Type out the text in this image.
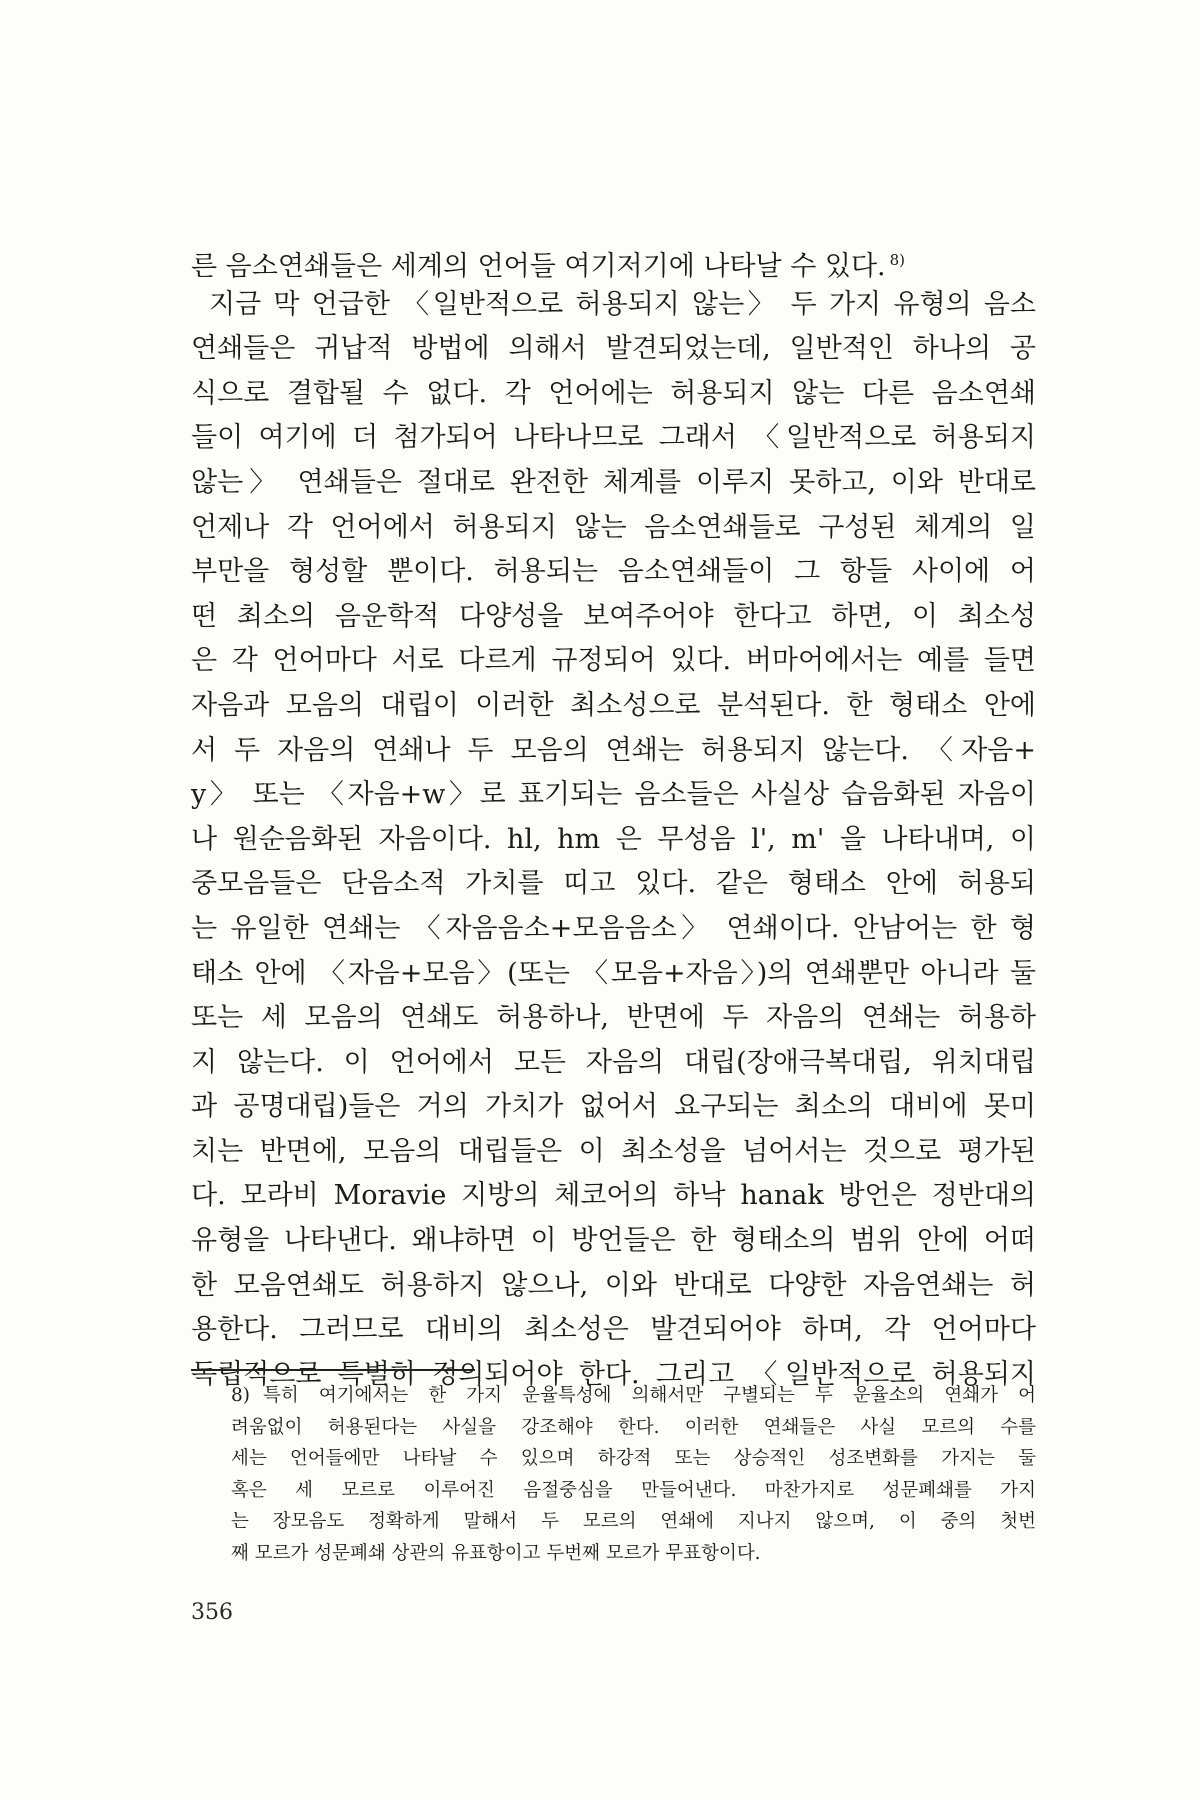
른 음소연쇄들은 세계의 언어들 여기저기에 나타날 수 있다. $^{8)}$
지금 막 언급한 〈일반적으로 허용되지 않는〉 두 가지 유형의 음소
연쇄들은 귀납적 방법에 의해서 발견되었는데, 일반적인 하나의 공
식으로 결합될 수 없다. 각 언어에는 허용되지 않는 다른 음소연쇄
들이 여기에 더 첨가되어 나타나므로 그래서 〈일반적으로 허용되지
않는〉 연쇄들은 절대로 완전한 체계를 이루지 못하고, 이와 반대로
언제나 각 언어에서 허용되지 않는 음소연쇄들로 구성된 체계의 일
부만을 형성할 뿐이다. 허용되는 음소연쇄들이 그 항들 사이에 어
떤 최소의 음운학적 다양성을 보여주어야 한다고 하면, 이 최소성
은 각 언어마다 서로 다르게 규정되어 있다. 버마어에서는 예를 들면
자음과 모음의 대립이 이러한 최소성으로 분석된다. 한 형태소 안에
서 두 자음의 연쇄나 두 모음의 연쇄는 허용되지 않는다. 〈자음+
y〉 또는 〈자음+w〉로 표기되는 음소들은 사실상 습음화된 자음이
나 원순음화된 자음이다. hl, hm 은 무성음 l', m' 을 나타내며, 이
중모음들은 단음소적 가치를 띠고 있다. 같은 형태소 안에 허용되
는 유일한 연쇄는 〈자음음소+모음음소〉 연쇄이다. 안남어는 한 형
태소 안에 〈자음+모음〉(또는 〈모음+자음〉)의 연쇄뿐만 아니라 둘
또는 세 모음의 연쇄도 허용하나, 반면에 두 자음의 연쇄는 허용하
지 않는다. 이 언어에서 모든 자음의 대립(장애극복대립, 위치대립
과 공명대립)들은 거의 가치가 없어서 요구되는 최소의 대비에 못미
치는 반면에, 모음의 대립들은 이 최소성을 넘어서는 것으로 평가된
다. 모라비 Moravie 지방의 체코어의 하낙 hanak 방언은 정반대의
유형을 나타낸다. 왜냐하면 이 방언들은 한 형태소의 범위 안에 어떠
한 모음연쇄도 허용하지 않으나, 이와 반대로 다양한 자음연쇄는 허
용한다. 그러므로 대비의 최소성은 발견되어야 하며, 각 언어마다
독립적으로 특별히 정의되어야 한다. 그리고 〈일반적으로 허용되지
8) 특히 여기에서는 한 가지 운율특성에 의해서만 구별되는 두 운율소의 연쇄가 어
려움없이 허용된다는 사실을 강조해야 한다. 이러한 연쇄들은 사실 모르의 수를
세는 언어들에만 나타날 수 있으며 하강적 또는 상승적인 성조변화를 가지는 둘
혹은 세 모르로 이루어진 음절중심을 만들어낸다. 마찬가지로 성문폐쇄를 가지
는 장모음도 정확하게 말해서 두 모르의 연쇄에 지나지 않으며, 이 중의 첫번
째 모르가 성문폐쇄 상관의 유표항이고 두번째 모르가 무표항이다.
356
